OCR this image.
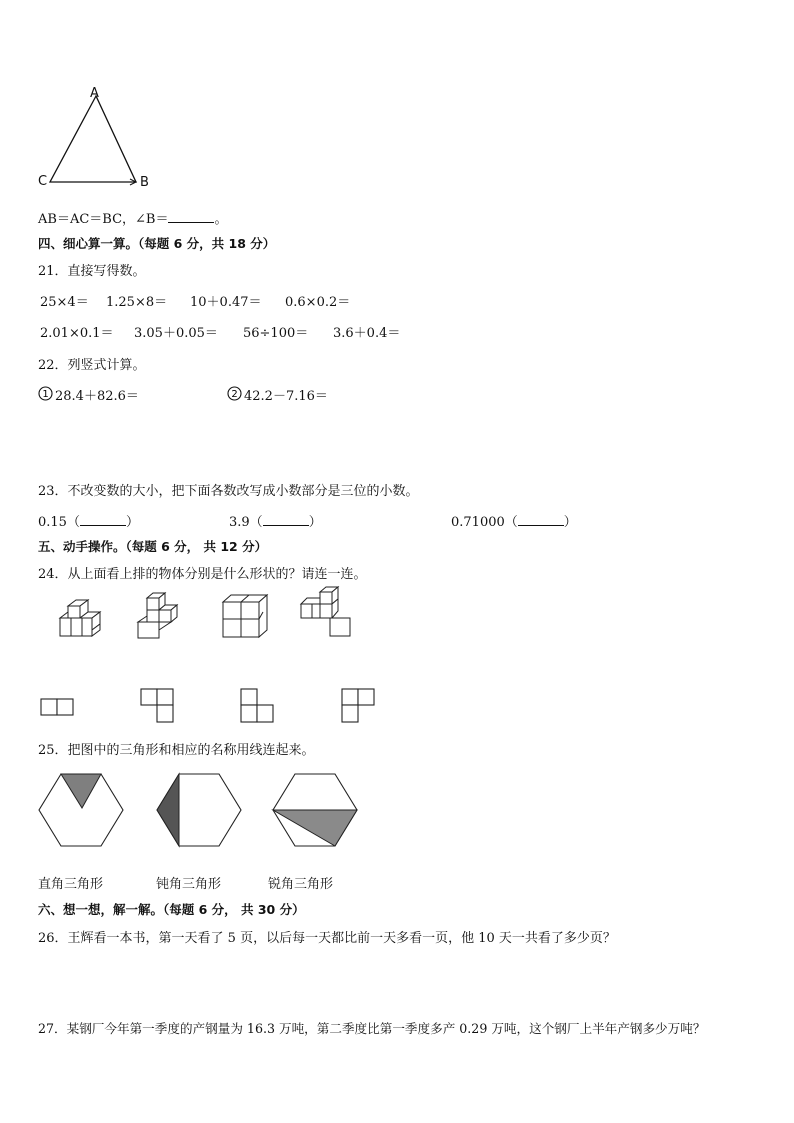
A
B
C
AB＝AC＝BC，∠B＝	。
四、细心算一算。（每题 6 分，共 18 分）
21．直接写得数。
25×4＝ 1.25×8＝ 10＋0.47＝ 0.6×0.2＝
2.01×0.1＝ 3.05＋0.05＝ 56÷100＝ 3.6＋0.4＝
22．列竖式计算。
1 28.4＋82.6＝	2 42.2－7.16＝
23．不改变数的大小，把下面各数改写成小数部分是三位的小数。
0.15（	）	3.9（	）	0.71000（	）
五、动手操作。（每题 6 分， 共 12 分）
24．从上面看上排的物体分别是什么形状的？请连一连。
25．把图中的三角形和相应的名称用线连起来。
直角三角形	钝角三角形	锐角三角形
六、想一想，解一解。（每题 6 分， 共 30 分）
26．王辉看一本书，第一天看了 5 页，以后每一天都比前一天多看一页，他 10 天一共看了多少页？
27．某钢厂今年第一季度的产钢量为 16.3 万吨，第二季度比第一季度多产 0.29 万吨，这个钢厂上半年产钢多少万吨？
